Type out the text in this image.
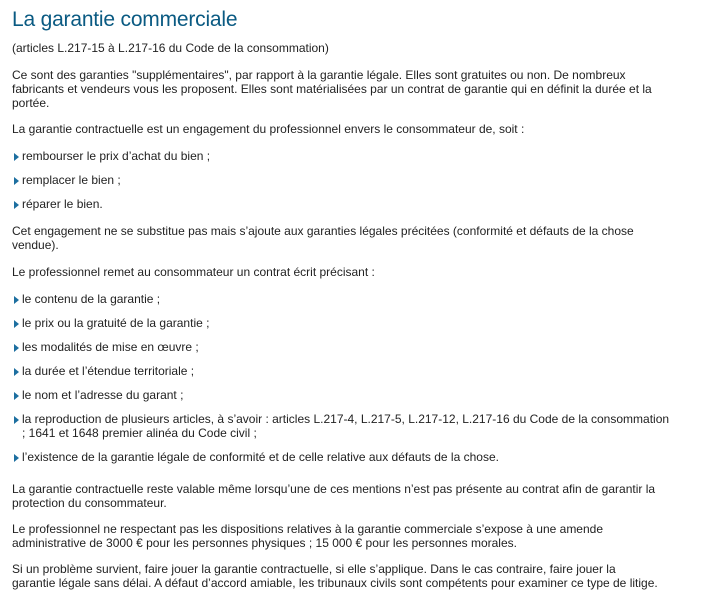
La garantie commerciale
(articles L.217-15 à L.217-16 du Code de la consommation)

Ce sont des garanties "supplémentaires", par rapport à la garantie légale. Elles sont gratuites ou non. De nombreux fabricants et vendeurs vous les proposent. Elles sont matérialisées par un contrat de garantie qui en définit la durée et la portée.

La garantie contractuelle est un engagement du professionnel envers le consommateur de, soit :

rembourser le prix d’achat du bien ;
remplacer le bien ;
réparer le bien.

Cet engagement ne se substitue pas mais s’ajoute aux garanties légales précitées (conformité et défauts de la chose vendue).

Le professionnel remet au consommateur un contrat écrit précisant :

le contenu de la garantie ;
le prix ou la gratuité de la garantie ;
les modalités de mise en œuvre ;
la durée et l’étendue territoriale ;
le nom et l’adresse du garant ;
la reproduction de plusieurs articles, à s’avoir : articles L.217-4, L.217-5, L.217-12, L.217-16 du Code de la consommation ; 1641 et 1648 premier alinéa du Code civil ;
l’existence de la garantie légale de conformité et de celle relative aux défauts de la chose.

La garantie contractuelle reste valable même lorsqu’une de ces mentions n’est pas présente au contrat afin de garantir la protection du consommateur.

Le professionnel ne respectant pas les dispositions relatives à la garantie commerciale s’expose à une amende administrative de 3000 € pour les personnes physiques ; 15 000 € pour les personnes morales.

Si un problème survient, faire jouer la garantie contractuelle, si elle s’applique. Dans le cas contraire, faire jouer la garantie légale sans délai. A défaut d’accord amiable, les tribunaux civils sont compétents pour examiner ce type de litige.
